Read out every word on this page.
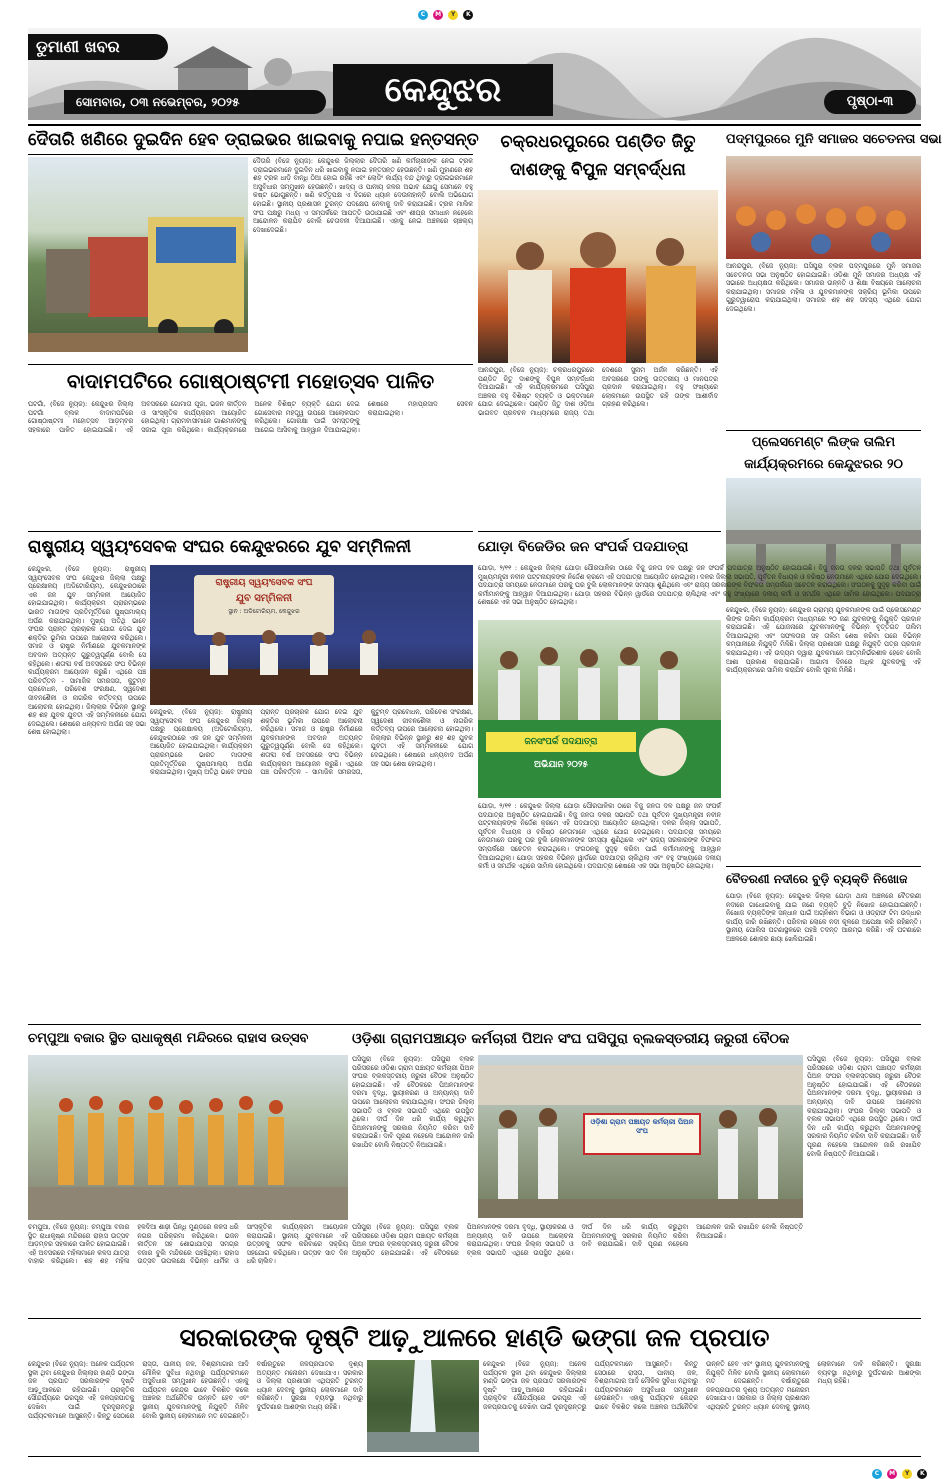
C M Y K
ଡୁମାଣୀ ଖବର
ସୋମବାର, ୦୩ ନଭେମ୍ବର, ୨୦୨୫	କେନ୍ଦୁଝର	ପୃଷ୍ଠା-୩
ଦୈତାରି ଖଣିରେ ଦୁଇଦିନ ହେବ ଡ୍ରାଇଭର ଖାଇବାକୁ ନପାଇ ହନ୍ତସନ୍ତ	ଚକ୍ରଧରପୁରରେ ପଣ୍ଡିତ ଜିତୁ ଦାଶଙ୍କୁ ବିପୁଳ ସମ୍ବର୍ଦ୍ଧନା
ପଦ୍ମପୁରରେ ମୁନି ସମାଜର ସଚେତନତା ସଭା
ଦୈତାରି (ବିଜେ ନ୍ୟୁଜ): କେନ୍ଦୁଝର ଜିଲ୍ଲାର ଦୈତାରି ଖଣି କର୍ମଚାରୀଙ୍କ ନେଇ ଟ୍ରକ ଡ୍ରାଇଭରମାନେ ଦୁଇଦିନ ଧରି ଖାଇବାକୁ ନପାଇ ହନ୍ତସନ୍ତ ହେଉଛନ୍ତି। ଖଣି ମୁହାଣରେ ଶହ ଶହ ଟ୍ରକ ଧାଡ଼ି ବାନ୍ଧି ଠିଆ ହୋଇ ରହିଛି ଏବଂ ଲୋଡିଂ କାର୍ଯ୍ୟ ବନ୍ଦ ଥିବାରୁ ଡ୍ରାଇଭରମାନେ ଅସୁବିଧାର ସମ୍ମୁଖୀନ ହେଉଛନ୍ତି। ଖାଦ୍ୟ ଓ ପାନୀୟ ଜଳର ଅଭାବ ଯୋଗୁ ସେମାନେ ବହୁ କଷ୍ଟ ଭୋଗୁଛନ୍ତି। ଖଣି କର୍ତ୍ତୃପକ୍ଷ ଏ ଦିଗରେ ଧ୍ୟାନ ଦେଉନାହାନ୍ତି ବୋଲି ଅଭିଯୋଗ ହୋଇଛି। ସ୍ଥାନୀୟ ପ୍ରଶାସନ ତୁରନ୍ତ ପଦକ୍ଷେପ ନେବାକୁ ଦାବି କରାଯାଇଛି। ଟ୍ରକ ମାଲିକ ସଂଘ ପକ୍ଷରୁ ମଧ୍ୟ ଏ ସମ୍ପର୍କରେ ଆପତ୍ତି ଉଠାଯାଇଛି ଏବଂ ଶୀଘ୍ର ସମାଧାନ ନହେଲେ ଆନ୍ଦୋଳନ କରାଯିବ ବୋଲି ଚେତାବନୀ ଦିଆଯାଇଛି। ଏହାକୁ ନେଇ ଅଞ୍ଚଳରେ ଚାଞ୍ଚଲ୍ୟ ଦେଖାଦେଇଛି।
ଆନନ୍ଦପୁର, (ବିଜେ ନ୍ୟୁଜ): ଘସିପୁରା ବ୍ଲକ ପଦ୍ମପୁରରେ ମୁନି ସମାଜର ସଚେତନତା ସଭା ଅନୁଷ୍ଠିତ ହୋଇଯାଇଛି। ଓଡ଼ିଶା ମୁନି ସମାଜର ଅଧ୍ୟକ୍ଷ ଏହି ସଭାରେ ଅଧ୍ୟକ୍ଷତା କରିଥିଲେ। ସମାଜର ଉନ୍ନତି ଓ ଶିକ୍ଷା ବିଷୟରେ ଆଲୋଚନା କରାଯାଇଥିଲା। ସମାଜର ମହିଳା ଓ ଯୁବକମାନଙ୍କ ସକ୍ରିୟ ଭୂମିକା ଉପରେ ଗୁରୁତ୍ୱାରୋପ କରାଯାଇଥିଲା। ସମାଜର ଶହ ଶହ ସଦସ୍ୟ ଏଥିରେ ଯୋଗ ଦେଇଥିଲେ।
ବାଦାମପଟିରେ ଗୋଷ୍ଠାଷ୍ଟମୀ ମହୋତ୍ସବ ପାଳିତ
ଘଟଗାଁ, (ବିଜେ ନ୍ୟୁଜ): କେନ୍ଦୁଝର ଜିଲ୍ଲା ଘଟଗାଁ ବ୍ଲକ ବାଦାମପଟିରେ ଗୋଷ୍ଠାଷ୍ଟମୀ ମହୋତ୍ସବ ଆଡ଼ମ୍ବର ସହକାରେ ପାଳିତ ହୋଇଯାଇଛି। ଏହି ଅବସରରେ ଗୋମାତା ପୂଜା, ଭଜନ କୀର୍ତ୍ତନ ଓ ସାଂସ୍କୃତିକ କାର୍ଯ୍ୟକ୍ରମ ଆୟୋଜିତ ହୋଇଥିଲା। ଗ୍ରାମବାସୀମାନେ ଗାଈମାନଙ୍କୁ ସଜାଇ ପୂଜା କରିଥିଲେ। କାର୍ଯ୍ୟକ୍ରମରେ ଅନେକ ବିଶିଷ୍ଟ ବ୍ୟକ୍ତି ଯୋଗ ଦେଇ ଗୋସେବାର ମହତ୍ତ୍ୱ ଉପରେ ଆଲୋକପାତ କରିଥିଲେ। ଗୋରକ୍ଷା ପାଇଁ ସମସ୍ତଙ୍କୁ ଆଗେଇ ଆସିବାକୁ ଆହ୍ୱାନ ଦିଆଯାଇଥିଲା। ଶେଷରେ ମହାପ୍ରସାଦ ସେବନ କରାଯାଇଥିଲା।
ଆନନ୍ଦପୁର, (ବିଜେ ନ୍ୟୁଜ): ଚକ୍ରଧରପୁରରେ ପଣ୍ଡିତ ଜିତୁ ଦାଶଙ୍କୁ ବିପୁଳ ସମ୍ବର୍ଦ୍ଧନା ଦିଆଯାଇଛି। ଏହି କାର୍ଯ୍ୟକ୍ରମରେ ଘସିପୁରା ଅଞ୍ଚଳର ବହୁ ବିଶିଷ୍ଟ ବ୍ୟକ୍ତି ଓ ଭକ୍ତମାନେ ଯୋଗ ଦେଇଥିଲେ। ପଣ୍ଡିତ ଜିତୁ ଦାଶ ଓଡ଼ିଆ ଭାଗବତ ପ୍ରବଚନ ମାଧ୍ୟମରେ ରାଜ୍ୟ ତଥା ଦେଶରେ ସୁନାମ ଅର୍ଜନ କରିଛନ୍ତି। ଏହି ଅବସରରେ ତାଙ୍କୁ ଉତ୍ତରୀୟ ଓ ମାନପତ୍ର ପ୍ରଦାନ କରାଯାଇଥିଲା। ବହୁ ସଂଖ୍ୟାରେ ଲୋକମାନେ ଉପସ୍ଥିତ ରହି ତାଙ୍କ ଆଶୀର୍ବାଦ ଗ୍ରହଣ କରିଥିଲେ।
ପ୍ଲେସମେଣ୍ଟ ଲିଙ୍କ ତାଲିମ କାର୍ଯ୍ୟକ୍ରମରେ କେନ୍ଦୁଝରର ୨୦
କେନ୍ଦୁଝର, (ବିଜେ ନ୍ୟୁଜ): କେନ୍ଦୁଝର ଗ୍ରାମ୍ୟ ଯୁବକମାନଙ୍କ ପାଇଁ ପ୍ଲେସମେଣ୍ଟ ଲିଙ୍କ ତାଲିମ କାର୍ଯ୍ୟକ୍ରମ ମାଧ୍ୟମରେ ୨୦ ଜଣ ଯୁବକଙ୍କୁ ନିଯୁକ୍ତି ପ୍ରଦାନ କରାଯାଇଛି। ଏହି ଯୋଜନାରେ ଯୁବକମାନଙ୍କୁ ବିଭିନ୍ନ ବୃତ୍ତିଗତ ତାଲିମ ଦିଆଯାଇଥିଲା ଏବଂ ସଫଳତାର ସହ ତାଲିମ ଶେଷ କରିବା ପରେ ବିଭିନ୍ନ କମ୍ପାନୀରେ ନିଯୁକ୍ତି ମିଳିଛି। ଜିଲ୍ଲା ପ୍ରଶାସନ ପକ୍ଷରୁ ନିଯୁକ୍ତି ପତ୍ର ପ୍ରଦାନ କରାଯାଇଥିଲା। ଏହି ଉଦ୍ୟମ ଦ୍ୱାରା ଯୁବକମାନେ ଆତ୍ମନିର୍ଭରଶୀଳ ହେବେ ବୋଲି ଆଶା ପ୍ରକାଶ କରାଯାଇଛି। ଆଗାମୀ ଦିନରେ ଅଧିକ ଯୁବକଙ୍କୁ ଏହି କାର୍ଯ୍ୟକ୍ରମରେ ସାମିଲ କରାଯିବ ବୋଲି ସୂଚନା ମିଳିଛି।
ରାଷ୍ଟ୍ରୀୟ ସ୍ୱୟଂସେବକ ସଂଘର କେନ୍ଦୁଝରରେ ଯୁବ ସମ୍ମିଳନୀ
କେନ୍ଦୁଝର, (ବିଜେ ନ୍ୟୁଜ): ରାଷ୍ଟ୍ରୀୟ ସ୍ୱୟଂସେବକ ସଂଘ କେନ୍ଦୁଝର ଜିଲ୍ଲା ପକ୍ଷରୁ ପ୍ରେକ୍ଷାଳୟ (ଅଡିଟୋରିୟମ), କେନ୍ଦୁଝରଠାରେ ଏକ ଜନ ଯୁବ ସମ୍ମିଳନୀ ଆୟୋଜିତ ହୋଇଯାଇଥିଲା। କାର୍ଯ୍ୟକ୍ରମ ପ୍ରାରମ୍ଭରେ ଭାରତ ମାତାଙ୍କ ପ୍ରତିମୂର୍ତ୍ତିରେ ପୁଷ୍ପମାଲ୍ୟ ଅର୍ପଣ କରାଯାଇଥିଲା। ମୁଖ୍ୟ ଅତିଥି ଭାବେ ସଂଘର ପ୍ରାନ୍ତ ପ୍ରଚାରକ ଯୋଗ ଦେଇ ଯୁବ ଶକ୍ତିର ଭୂମିକା ଉପରେ ଆଲୋଚନା କରିଥିଲେ। ସମାଜ ଓ ରାଷ୍ଟ୍ର ନିର୍ମାଣରେ ଯୁବକମାନଙ୍କ ଅବଦାନ ଅତ୍ୟନ୍ତ ଗୁରୁତ୍ୱପୂର୍ଣ୍ଣ ବୋଲି ସେ କହିଥିଲେ। ଶତାବ୍ଦୀ ବର୍ଷ ଅବସରରେ ସଂଘ ବିଭିନ୍ନ କାର୍ଯ୍ୟକ୍ରମ ଆୟୋଜନ କରୁଛି। ଏଥିରେ ପଞ୍ଚ ପରିବର୍ତ୍ତନ - ସାମାଜିକ ସମରସତା, କୁଟୁମ୍ବ ପ୍ରବୋଧନ, ପରିବେଶ ସଂରକ୍ଷଣ, ସ୍ୱଦେଶୀ ଜୀବନଶୈଳୀ ଓ ନାଗରିକ କର୍ତ୍ତବ୍ୟ ଉପରେ ଆଲୋଚନା ହୋଇଥିଲା। ଜିଲ୍ଲାର ବିଭିନ୍ନ ସ୍ଥାନରୁ ଶହ ଶହ ଯୁବକ ଯୁବତୀ ଏହି ସମ୍ମିଳନୀରେ ଯୋଗ ଦେଇଥିଲେ। ଶେଷରେ ଧନ୍ୟବାଦ ଅର୍ପଣ ସହ ସଭା ଶେଷ ହୋଇଥିଲା।
ରାଷ୍ଟ୍ରୀୟ ସ୍ୱୟଂସେବକ ସଂଘ
ଯୁବ ସମ୍ମିଳନୀ
ସ୍ଥାନ : ଅଡିଟୋରିୟମ, କେନ୍ଦୁଝର
କେନ୍ଦୁଝର, (ବିଜେ ନ୍ୟୁଜ): ରାଷ୍ଟ୍ରୀୟ ସ୍ୱୟଂସେବକ ସଂଘ କେନ୍ଦୁଝର ଜିଲ୍ଲା ପକ୍ଷରୁ ପ୍ରେକ୍ଷାଳୟ (ଅଡିଟୋରିୟମ), କେନ୍ଦୁଝରଠାରେ ଏକ ଜନ ଯୁବ ସମ୍ମିଳନୀ ଆୟୋଜିତ ହୋଇଯାଇଥିଲା। କାର୍ଯ୍ୟକ୍ରମ ପ୍ରାରମ୍ଭରେ ଭାରତ ମାତାଙ୍କ ପ୍ରତିମୂର୍ତ୍ତିରେ ପୁଷ୍ପମାଲ୍ୟ ଅର୍ପଣ କରାଯାଇଥିଲା। ମୁଖ୍ୟ ଅତିଥି ଭାବେ ସଂଘର ପ୍ରାନ୍ତ ପ୍ରଚାରକ ଯୋଗ ଦେଇ ଯୁବ ଶକ୍ତିର ଭୂମିକା ଉପରେ ଆଲୋଚନା କରିଥିଲେ। ସମାଜ ଓ ରାଷ୍ଟ୍ର ନିର୍ମାଣରେ ଯୁବକମାନଙ୍କ ଅବଦାନ ଅତ୍ୟନ୍ତ ଗୁରୁତ୍ୱପୂର୍ଣ୍ଣ ବୋଲି ସେ କହିଥିଲେ। ଶତାବ୍ଦୀ ବର୍ଷ ଅବସରରେ ସଂଘ ବିଭିନ୍ନ କାର୍ଯ୍ୟକ୍ରମ ଆୟୋଜନ କରୁଛି। ଏଥିରେ ପଞ୍ଚ ପରିବର୍ତ୍ତନ - ସାମାଜିକ ସମରସତା, କୁଟୁମ୍ବ ପ୍ରବୋଧନ, ପରିବେଶ ସଂରକ୍ଷଣ, ସ୍ୱଦେଶୀ ଜୀବନଶୈଳୀ ଓ ନାଗରିକ କର୍ତ୍ତବ୍ୟ ଉପରେ ଆଲୋଚନା ହୋଇଥିଲା। ଜିଲ୍ଲାର ବିଭିନ୍ନ ସ୍ଥାନରୁ ଶହ ଶହ ଯୁବକ ଯୁବତୀ ଏହି ସମ୍ମିଳନୀରେ ଯୋଗ ଦେଇଥିଲେ। ଶେଷରେ ଧନ୍ୟବାଦ ଅର୍ପଣ ସହ ସଭା ଶେଷ ହୋଇଥିଲା।
ଯୋଡ଼ା ବିଜେଡିର ଜନ ସଂପର୍କ ପଦଯାତ୍ରା
ଯୋଡ଼ା, ୨/୧୧ : କେନ୍ଦୁଝର ଜିଲ୍ଲା ଯୋଡ଼ା ପୌରପାଳିକା ଠାରେ ବିଜୁ ଜନତା ଦଳ ପକ୍ଷରୁ ଜନ ସଂପର୍କ ପଦଯାତ୍ରା ଅନୁଷ୍ଠିତ ହୋଇଯାଇଛି। ବିଜୁ ଜନତା ଦଳର ସଭାପତି ତଥା ପୂର୍ବତନ ମୁଖ୍ୟମନ୍ତ୍ରୀ ନବୀନ ପଟ୍ଟନାୟକଙ୍କ ନିର୍ଦ୍ଦେଶ କ୍ରମେ ଏହି ପଦଯାତ୍ରା ଆୟୋଜିତ ହୋଇଥିଲା। ଦଳର ଜିଲ୍ଲା ସଭାପତି, ପୂର୍ବତନ ବିଧାୟକ ଓ ବରିଷ୍ଠ ନେତାମାନେ ଏଥିରେ ଯୋଗ ଦେଇଥିଲେ। ପଦଯାତ୍ରା ସମୟରେ ନେତାମାନେ ଘରକୁ ଘର ବୁଲି ଲୋକମାନଙ୍କ ସମସ୍ୟା ଶୁଣିଥିଲେ ଏବଂ ରାଜ୍ୟ ସରକାରଙ୍କ ବିଫଳତା ସମ୍ପର୍କରେ ସଚେତନ କରାଇଥିଲେ। ସଂଗଠନକୁ ସୁଦୃଢ଼ କରିବା ପାଇଁ କର୍ମୀମାନଙ୍କୁ ଆହ୍ୱାନ ଦିଆଯାଇଥିଲା। ଯୋଡ଼ା ସହରର ବିଭିନ୍ନ ୱାର୍ଡରେ ପଦଯାତ୍ରା ଚାଲିଥିଲା ଏବଂ ବହୁ ସଂଖ୍ୟାରେ ଦଳୀୟ କର୍ମୀ ଓ ସମର୍ଥକ ଏଥିରେ ସାମିଲ ହୋଇଥିଲେ। ପଦଯାତ୍ରା ଶେଷରେ ଏକ ସଭା ଅନୁଷ୍ଠିତ ହୋଇଥିଲା।
ଜନସଂପର୍କ ପଦଯାତ୍ରା
ଅଭିଯାନ ୨୦୨୫
ଯୋଡ଼ା, ୨/୧୧ : କେନ୍ଦୁଝର ଜିଲ୍ଲା ଯୋଡ଼ା ପୌରପାଳିକା ଠାରେ ବିଜୁ ଜନତା ଦଳ ପକ୍ଷରୁ ଜନ ସଂପର୍କ ପଦଯାତ୍ରା ଅନୁଷ୍ଠିତ ହୋଇଯାଇଛି। ବିଜୁ ଜନତା ଦଳର ସଭାପତି ତଥା ପୂର୍ବତନ ମୁଖ୍ୟମନ୍ତ୍ରୀ ନବୀନ ପଟ୍ଟନାୟକଙ୍କ ନିର୍ଦ୍ଦେଶ କ୍ରମେ ଏହି ପଦଯାତ୍ରା ଆୟୋଜିତ ହୋଇଥିଲା। ଦଳର ଜିଲ୍ଲା ସଭାପତି, ପୂର୍ବତନ ବିଧାୟକ ଓ ବରିଷ୍ଠ ନେତାମାନେ ଏଥିରେ ଯୋଗ ଦେଇଥିଲେ। ପଦଯାତ୍ରା ସମୟରେ ନେତାମାନେ ଘରକୁ ଘର ବୁଲି ଲୋକମାନଙ୍କ ସମସ୍ୟା ଶୁଣିଥିଲେ ଏବଂ ରାଜ୍ୟ ସରକାରଙ୍କ ବିଫଳତା ସମ୍ପର୍କରେ ସଚେତନ କରାଇଥିଲେ। ସଂଗଠନକୁ ସୁଦୃଢ଼ କରିବା ପାଇଁ କର୍ମୀମାନଙ୍କୁ ଆହ୍ୱାନ ଦିଆଯାଇଥିଲା। ଯୋଡ଼ା ସହରର ବିଭିନ୍ନ ୱାର୍ଡରେ ପଦଯାତ୍ରା ଚାଲିଥିଲା ଏବଂ ବହୁ ସଂଖ୍ୟାରେ ଦଳୀୟ କର୍ମୀ ଓ ସମର୍ଥକ ଏଥିରେ ସାମିଲ ହୋଇଥିଲେ। ପଦଯାତ୍ରା ଶେଷରେ ଏକ ସଭା ଅନୁଷ୍ଠିତ ହୋଇଥିଲା।
ବୈତରଣୀ ନଦୀରେ ବୁଡ଼ି ବ୍ୟକ୍ତି ନିଖୋଜ
ଯୋଡ଼ା (ବିଜେ ନ୍ୟୁଜ): କେନ୍ଦୁଝର ଜିଲ୍ଲା ଯୋଡ଼ା ଥାନା ଅଞ୍ଚଳରେ ବୈତରଣୀ ନଦୀରେ ଗାଧୋଇବାକୁ ଯାଇ ଜଣେ ବ୍ୟକ୍ତି ବୁଡ଼ି ନିଖୋଜ ହୋଇଯାଇଛନ୍ତି। ନିଖୋଜ ବ୍ୟକ୍ତିଙ୍କ ସନ୍ଧାନ ପାଇଁ ଅଗ୍ନିଶମ ବିଭାଗ ଓ ଓଡ୍ରାଫ ଟିମ ଉଦ୍ଧାର କାର୍ଯ୍ୟ ଜାରି ରଖିଛନ୍ତି। ପରିବାର ଲୋକେ ନଦୀ କୂଳରେ ଅପେକ୍ଷା କରି ରହିଛନ୍ତି। ସ୍ଥାନୀୟ ପୋଲିସ ଘଟଣାସ୍ଥଳରେ ପହଞ୍ଚି ତଦନ୍ତ ଆରମ୍ଭ କରିଛି। ଏହି ଘଟଣାରେ ଅଞ୍ଚଳରେ ଶୋକର ଛାୟା ଖେଳିଯାଇଛି।
ଚମ୍ପୁଆ ବଜାର ସ୍ଥିତ ରାଧାକୃଷ୍ଣ ମନ୍ଦିରରେ ରାହାସ ଉତ୍ସବ	ଓଡ଼ିଶା ଗ୍ରାମପଞ୍ଚାୟତ କର୍ମଚାରୀ ପିଅନ ସଂଘ ଘସିପୁରା ବ୍ଲକସ୍ତରୀୟ ଜରୁରୀ ବୈଠକ
ଚମ୍ପୁଆ, (ବିଜେ ନ୍ୟୁଜ): ଚମ୍ପୁଆ ବଜାର ସ୍ଥିତ ରାଧାକୃଷ୍ଣ ମନ୍ଦିରରେ ରାହାସ ଉତ୍ସବ ଆଡ଼ମ୍ବର ସହକାରେ ପାଳିତ ହୋଇଯାଇଛି। ଏହି ଅବସରରେ ମହିଳାମାନେ କଳସ ଯାତ୍ରା ବାହାର କରିଥିଲେ। ଶହ ଶହ ମହିଳା ହଳଦିଆ ଶାଢ଼ୀ ପିନ୍ଧି ମୁଣ୍ଡରେ କଳସ ଧରି ନଗର ପରିକ୍ରମା କରିଥିଲେ। ଭଜନ କୀର୍ତ୍ତନ ସହ ଶୋଭାଯାତ୍ରା ସମଗ୍ର ବଜାର ବୁଲି ମନ୍ଦିରରେ ପହଞ୍ଚିଥିଲା। ରାହାସ ଉତ୍ସବ ଉପଲକ୍ଷେ ବିଭିନ୍ନ ଧାର୍ମିକ ଓ ସାଂସ୍କୃତିକ କାର୍ଯ୍ୟକ୍ରମ ଆୟୋଜନ କରାଯାଇଛି। ସ୍ଥାନୀୟ ଯୁବକମାନେ ଏହି ଉତ୍ସବକୁ ସଫଳ କରିବାରେ ସକ୍ରିୟ ସହଯୋଗ କରିଥିଲେ। ଉତ୍ସବ ସାତ ଦିନ ଧରି ଚାଲିବ।
ଘସିପୁରା (ବିଜେ ନ୍ୟୁଜ): ଘସିପୁରା ବ୍ଲକ ପରିସରରେ ଓଡ଼ିଶା ଗ୍ରାମ ପଞ୍ଚାୟତ କର୍ମଚାରୀ ପିଅନ ସଂଘର ବ୍ଲକସ୍ତରୀୟ ଜରୁରୀ ବୈଠକ ଅନୁଷ୍ଠିତ ହୋଇଯାଇଛି। ଏହି ବୈଠକରେ ପିଅନମାନଙ୍କ ଦରମା ବୃଦ୍ଧି, ସ୍ଥାୟୀକରଣ ଓ ଅନ୍ୟାନ୍ୟ ଦାବି ଉପରେ ଆଲୋଚନା କରାଯାଇଥିଲା। ସଂଘର ଜିଲ୍ଲା ସଭାପତି ଓ ବ୍ଲକ ସଭାପତି ଏଥିରେ ଉପସ୍ଥିତ ଥିଲେ। ଦୀର୍ଘ ଦିନ ଧରି କାର୍ଯ୍ୟ କରୁଥିବା ପିଅନମାନଙ୍କୁ ସରକାର ନିୟମିତ କରିବା ଦାବି କରାଯାଇଛି। ଦାବି ପୂରଣ ନହେଲେ ଆନ୍ଦୋଳନ ଜାରି ରଖାଯିବ ବୋଲି ନିଷ୍ପତ୍ତି ନିଆଯାଇଛି।
ଓଡ଼ିଶା ଗ୍ରାମ ପଞ୍ଚାୟତ କର୍ମଚାରୀ ପିଅନ ସଂଘ
ଘସିପୁରା (ବିଜେ ନ୍ୟୁଜ): ଘସିପୁରା ବ୍ଲକ ପରିସରରେ ଓଡ଼ିଶା ଗ୍ରାମ ପଞ୍ଚାୟତ କର୍ମଚାରୀ ପିଅନ ସଂଘର ବ୍ଲକସ୍ତରୀୟ ଜରୁରୀ ବୈଠକ ଅନୁଷ୍ଠିତ ହୋଇଯାଇଛି। ଏହି ବୈଠକରେ ପିଅନମାନଙ୍କ ଦରମା ବୃଦ୍ଧି, ସ୍ଥାୟୀକରଣ ଓ ଅନ୍ୟାନ୍ୟ ଦାବି ଉପରେ ଆଲୋଚନା କରାଯାଇଥିଲା। ସଂଘର ଜିଲ୍ଲା ସଭାପତି ଓ ବ୍ଲକ ସଭାପତି ଏଥିରେ ଉପସ୍ଥିତ ଥିଲେ। ଦୀର୍ଘ ଦିନ ଧରି କାର୍ଯ୍ୟ କରୁଥିବା ପିଅନମାନଙ୍କୁ ସରକାର ନିୟମିତ କରିବା ଦାବି କରାଯାଇଛି। ଦାବି ପୂରଣ ନହେଲେ ଆନ୍ଦୋଳନ ଜାରି ରଖାଯିବ ବୋଲି ନିଷ୍ପତ୍ତି ନିଆଯାଇଛି।
ଘସିପୁରା (ବିଜେ ନ୍ୟୁଜ): ଘସିପୁରା ବ୍ଲକ ପରିସରରେ ଓଡ଼ିଶା ଗ୍ରାମ ପଞ୍ଚାୟତ କର୍ମଚାରୀ ପିଅନ ସଂଘର ବ୍ଲକସ୍ତରୀୟ ଜରୁରୀ ବୈଠକ ଅନୁଷ୍ଠିତ ହୋଇଯାଇଛି। ଏହି ବୈଠକରେ ପିଅନମାନଙ୍କ ଦରମା ବୃଦ୍ଧି, ସ୍ଥାୟୀକରଣ ଓ ଅନ୍ୟାନ୍ୟ ଦାବି ଉପରେ ଆଲୋଚନା କରାଯାଇଥିଲା। ସଂଘର ଜିଲ୍ଲା ସଭାପତି ଓ ବ୍ଲକ ସଭାପତି ଏଥିରେ ଉପସ୍ଥିତ ଥିଲେ। ଦୀର୍ଘ ଦିନ ଧରି କାର୍ଯ୍ୟ କରୁଥିବା ପିଅନମାନଙ୍କୁ ସରକାର ନିୟମିତ କରିବା ଦାବି କରାଯାଇଛି। ଦାବି ପୂରଣ ନହେଲେ ଆନ୍ଦୋଳନ ଜାରି ରଖାଯିବ ବୋଲି ନିଷ୍ପତ୍ତି ନିଆଯାଇଛି।
ସରକାରଙ୍କ ଦୃଷ୍ଟି ଆଢ଼ୁଆଳରେ ହାଣ୍ଡି ଭଙ୍ଗା ଜଳ ପ୍ରପାତ
କେନ୍ଦୁଝର (ବିଜେ ନ୍ୟୁଜ): ଅନେକ ପର୍ଯ୍ୟଟନ ସ୍ଥଳୀ ଥିବା କେନ୍ଦୁଝର ଜିଲ୍ଲାର ହାଣ୍ଡି ଭଙ୍ଗା ଜଳ ପ୍ରପାତ ସରକାରଙ୍କ ଦୃଷ୍ଟି ଆଢ଼ୁଆଳରେ ରହିଯାଇଛି। ପ୍ରାକୃତିକ ସୌନ୍ଦର୍ଯ୍ୟରେ ଭରପୂର ଏହି ଜଳପ୍ରପାତକୁ ଦେଖିବା ପାଇଁ ଦୂରଦୂରାନ୍ତରୁ ପର୍ଯ୍ୟଟକମାନେ ଆସୁଛନ୍ତି। କିନ୍ତୁ ସେଠାରେ ରାସ୍ତା, ପାନୀୟ ଜଳ, ବିଶ୍ରାମାଗାର ଆଦି ମୌଳିକ ସୁବିଧା ନଥିବାରୁ ପର୍ଯ୍ୟଟକମାନେ ଅସୁବିଧାର ସମ୍ମୁଖୀନ ହେଉଛନ୍ତି। ଏହାକୁ ପର୍ଯ୍ୟଟନ କେନ୍ଦ୍ର ଭାବେ ବିକଶିତ କଲେ ଅଞ୍ଚଳର ଅର୍ଥନୈତିକ ଉନ୍ନତି ହେବ ଏବଂ ସ୍ଥାନୀୟ ଯୁବକମାନଙ୍କୁ ନିଯୁକ୍ତି ମିଳିବ ବୋଲି ସ୍ଥାନୀୟ ଲୋକମାନେ ମତ ଦେଇଛନ୍ତି। ବର୍ଷାଋତୁରେ ଜଳପ୍ରପାତର ଦୃଶ୍ୟ ଅତ୍ୟନ୍ତ ମନୋରମ ଦେଖାଯାଏ। ସରକାର ଓ ଜିଲ୍ଲା ପ୍ରଶାସନ ଏଥିପ୍ରତି ତୁରନ୍ତ ଧ୍ୟାନ ଦେବାକୁ ସ୍ଥାନୀୟ ଲୋକମାନେ ଦାବି କରିଛନ୍ତି। ସୁରକ୍ଷା ବ୍ୟବସ୍ଥା ନଥିବାରୁ ଦୁର୍ଘଟଣାର ଆଶଙ୍କା ମଧ୍ୟ ରହିଛି।
କେନ୍ଦୁଝର (ବିଜେ ନ୍ୟୁଜ): ଅନେକ ପର୍ଯ୍ୟଟନ ସ୍ଥଳୀ ଥିବା କେନ୍ଦୁଝର ଜିଲ୍ଲାର ହାଣ୍ଡି ଭଙ୍ଗା ଜଳ ପ୍ରପାତ ସରକାରଙ୍କ ଦୃଷ୍ଟି ଆଢ଼ୁଆଳରେ ରହିଯାଇଛି। ପ୍ରାକୃତିକ ସୌନ୍ଦର୍ଯ୍ୟରେ ଭରପୂର ଏହି ଜଳପ୍ରପାତକୁ ଦେଖିବା ପାଇଁ ଦୂରଦୂରାନ୍ତରୁ ପର୍ଯ୍ୟଟକମାନେ ଆସୁଛନ୍ତି। କିନ୍ତୁ ସେଠାରେ ରାସ୍ତା, ପାନୀୟ ଜଳ, ବିଶ୍ରାମାଗାର ଆଦି ମୌଳିକ ସୁବିଧା ନଥିବାରୁ ପର୍ଯ୍ୟଟକମାନେ ଅସୁବିଧାର ସମ୍ମୁଖୀନ ହେଉଛନ୍ତି। ଏହାକୁ ପର୍ଯ୍ୟଟନ କେନ୍ଦ୍ର ଭାବେ ବିକଶିତ କଲେ ଅଞ୍ଚଳର ଅର୍ଥନୈତିକ ଉନ୍ନତି ହେବ ଏବଂ ସ୍ଥାନୀୟ ଯୁବକମାନଙ୍କୁ ନିଯୁକ୍ତି ମିଳିବ ବୋଲି ସ୍ଥାନୀୟ ଲୋକମାନେ ମତ ଦେଇଛନ୍ତି। ବର୍ଷାଋତୁରେ ଜଳପ୍ରପାତର ଦୃଶ୍ୟ ଅତ୍ୟନ୍ତ ମନୋରମ ଦେଖାଯାଏ। ସରକାର ଓ ଜିଲ୍ଲା ପ୍ରଶାସନ ଏଥିପ୍ରତି ତୁରନ୍ତ ଧ୍ୟାନ ଦେବାକୁ ସ୍ଥାନୀୟ ଲୋକମାନେ ଦାବି କରିଛନ୍ତି। ସୁରକ୍ଷା ବ୍ୟବସ୍ଥା ନଥିବାରୁ ଦୁର୍ଘଟଣାର ଆଶଙ୍କା ମଧ୍ୟ ରହିଛି।
C M Y K
